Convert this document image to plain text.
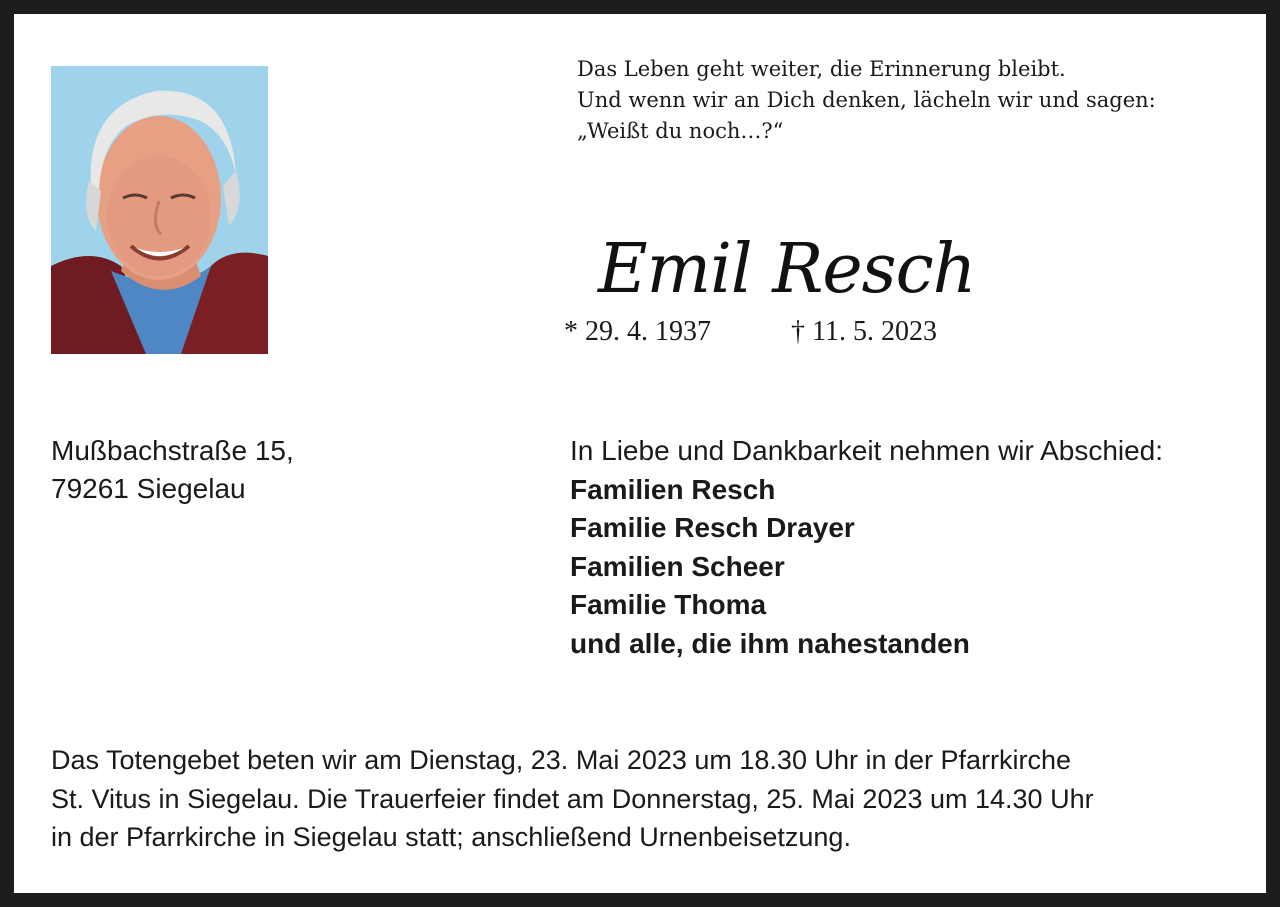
Das Leben geht weiter, die Erinnerung bleibt.
Und wenn wir an Dich denken, lächeln wir und sagen:
„Weißt du noch…?“
Emil Resch
* 29. 4. 1937	† 11. 5. 2023
Mußbachstraße 15,
79261 Siegelau
In Liebe und Dankbarkeit nehmen wir Abschied:
Familien Resch
Familie Resch Drayer
Familien Scheer
Familie Thoma
und alle, die ihm nahestanden
Das Totengebet beten wir am Dienstag, 23. Mai 2023 um 18.30 Uhr in der Pfarrkirche
St. Vitus in Siegelau. Die Trauerfeier findet am Donnerstag, 25. Mai 2023 um 14.30 Uhr
in der Pfarrkirche in Siegelau statt; anschließend Urnenbeisetzung.
